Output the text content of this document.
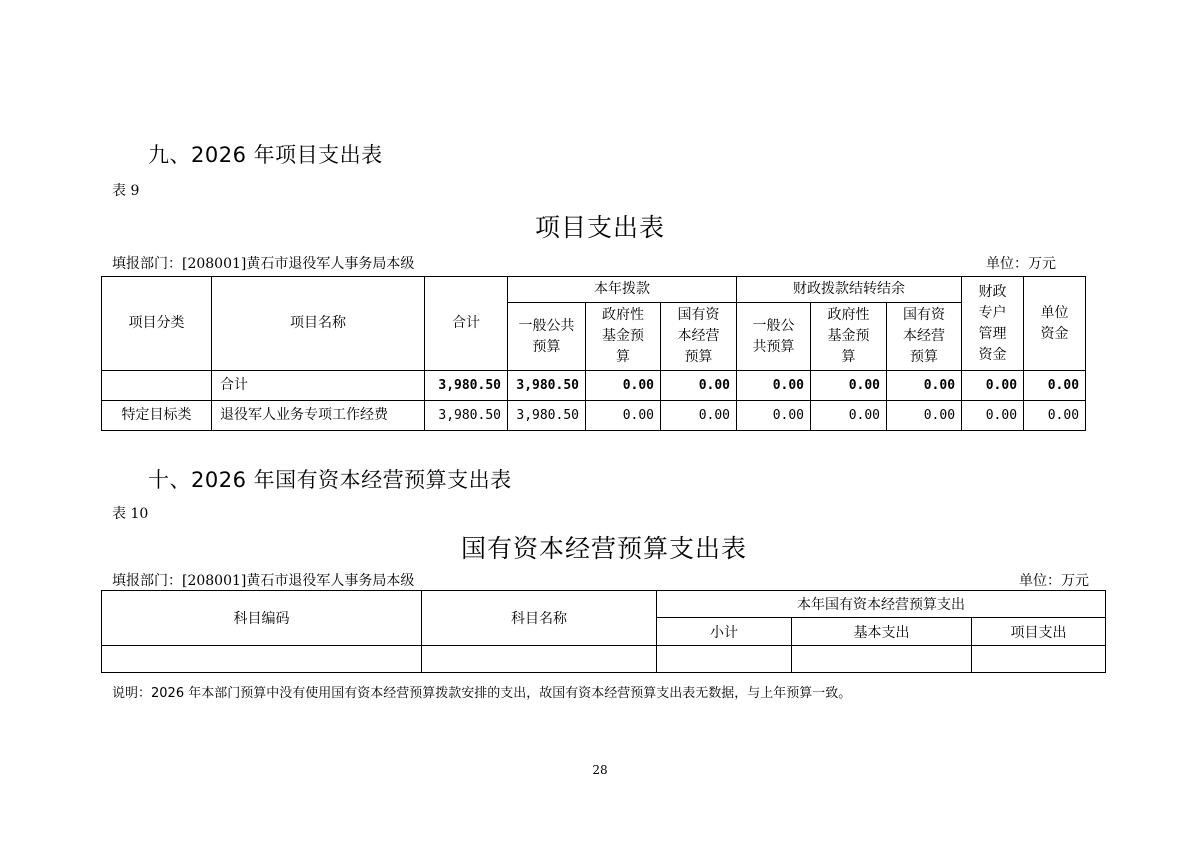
九、2026 年项目支出表
表 9
项目支出表
填报部门：[208001]黄石市退役军人事务局本级	单位：万元
项目分类	项目名称	合计	本年拨款			财政拨款结转结余			财政专户管理资金	单位资金
			一般公共预算	政府性基金预算	国有资本经营预算	一般公共预算	政府性基金预算	国有资本经营预算		
	合计	3,980.50	3,980.50	0.00	0.00	0.00	0.00	0.00	0.00	0.00
特定目标类	退役军人业务专项工作经费	3,980.50	3,980.50	0.00	0.00	0.00	0.00	0.00	0.00	0.00
十、2026 年国有资本经营预算支出表
表 10
国有资本经营预算支出表
填报部门：[208001]黄石市退役军人事务局本级	单位：万元
科目编码	科目名称	本年国有资本经营预算支出		
		小计	基本支出	项目支出

说明：2026 年本部门预算中没有使用国有资本经营预算拨款安排的支出，故国有资本经营预算支出表无数据，与上年预算一致。
28
